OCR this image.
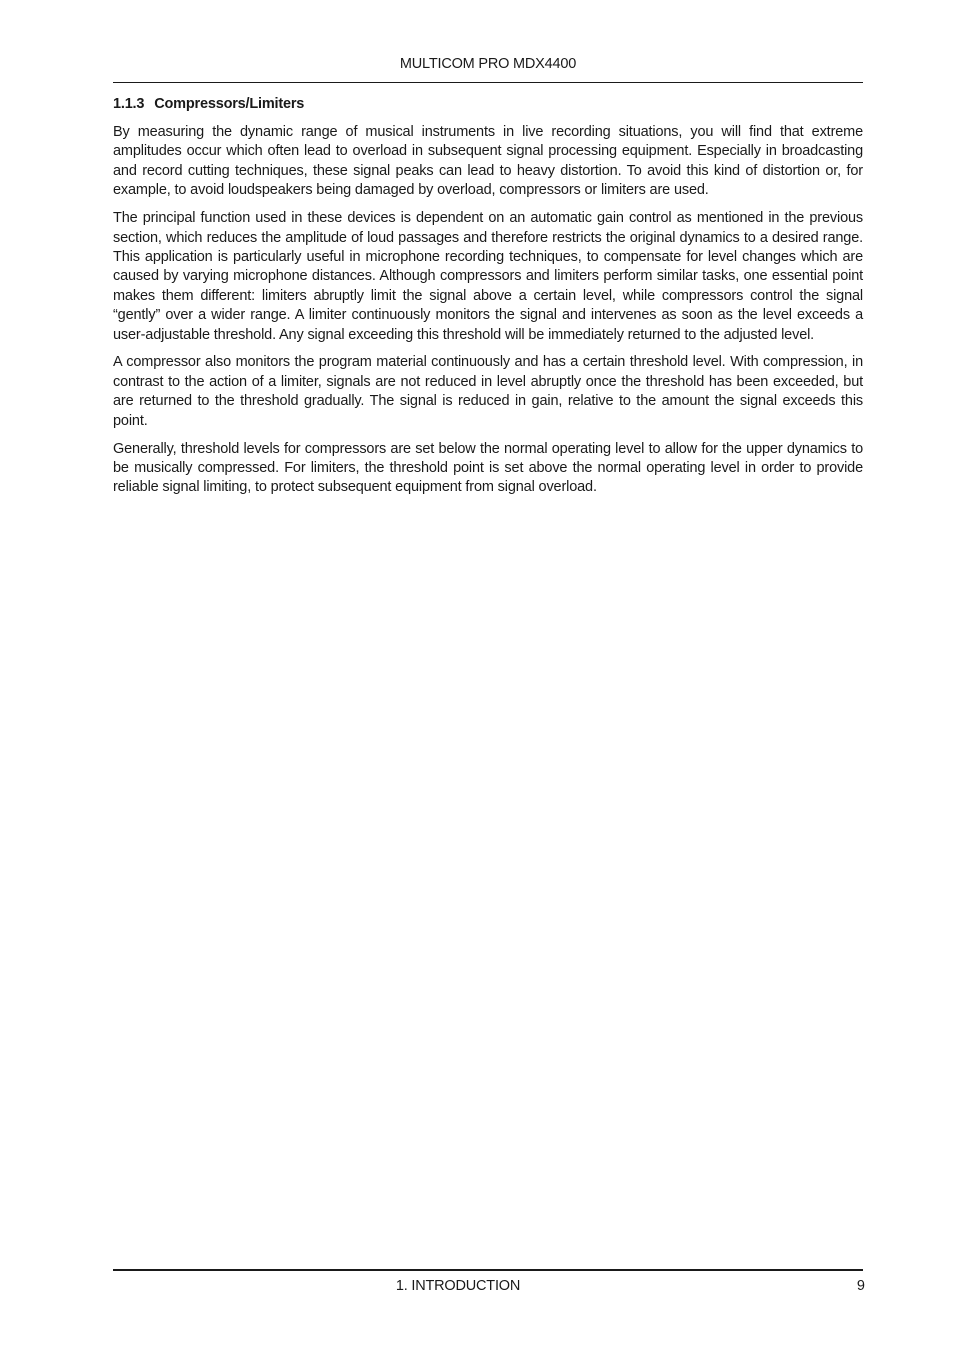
MULTICOM PRO MDX4400
1.1.3 Compressors/Limiters

By measuring the dynamic range of musical instruments in live recording situations, you will find that extreme amplitudes occur which often lead to overload in subsequent signal processing equipment. Especially in broadcasting and record cutting techniques, these signal peaks can lead to heavy distortion. To avoid this kind of distortion or, for example, to avoid loudspeakers being damaged by overload, compressors or limiters are used.

The principal function used in these devices is dependent on an automatic gain control as mentioned in the previous section, which reduces the amplitude of loud passages and therefore restricts the original dynamics to a desired range. This application is particularly useful in microphone recording techniques, to compensate for level changes which are caused by varying microphone distances. Although compressors and limiters perform similar tasks, one essential point makes them different: limiters abruptly limit the signal above a certain level, while compressors control the signal “gently” over a wider range. A limiter continuously monitors the signal and intervenes as soon as the level exceeds a user-adjustable threshold. Any signal exceeding this threshold will be immediately returned to the adjusted level.

A compressor also monitors the program material continuously and has a certain threshold level. With compression, in contrast to the action of a limiter, signals are not reduced in level abruptly once the threshold has been exceeded, but are returned to the threshold gradually. The signal is reduced in gain, relative to the amount the signal exceeds this point.

Generally, threshold levels for compressors are set below the normal operating level to allow for the upper dynamics to be musically compressed. For limiters, the threshold point is set above the normal operating level in order to provide reliable signal limiting, to protect subsequent equipment from signal overload.

1. INTRODUCTION	9
